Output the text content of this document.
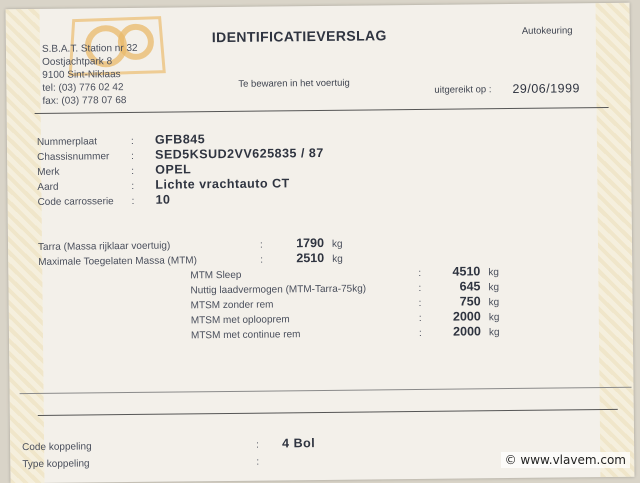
S.B.A.T. Station nr 32
Oostjachtpark 8
9100 Sint-Niklaas
tel: (03) 776 02 42
fax: (03) 778 07 68
IDENTIFICATIEVERSLAG	Autokeuring
Te bewaren in het voertuig
uitgereikt op : 29/06/1999
Nummerplaat	: GFB845
Chassisnummer : SED5KSUD2VV625835 / 87
Merk	: OPEL
Aard	: Lichte vrachtauto CT
Code carrosserie : 10
Tarra (Massa rijklaar voertuig)	:	1790 kg
Maximale Toegelaten Massa (MTM)	:	2510 kg
MTM Sleep	:	4510 kg
Nuttig laadvermogen (MTM-Tarra-75kg)	:	645 kg
MTSM zonder rem	:	750 kg
MTSM met oplooprem	:	2000 kg
MTSM met continue rem	:	2000 kg
Code koppeling	: 4 Bol
Type koppeling	:	© www.vlavem.com
